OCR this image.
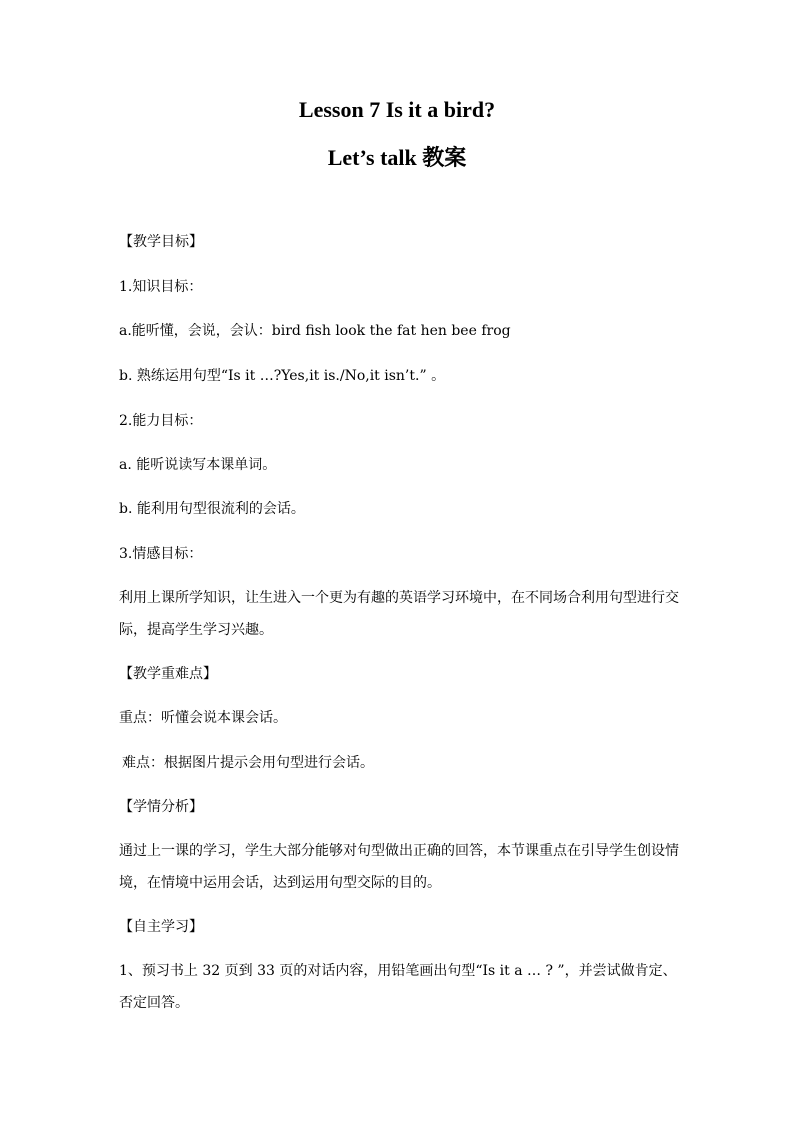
Lesson 7 Is it a bird?
Let’s talk 教案
【教学目标】
1.知识目标：
a.能听懂，会说，会认：bird fish look the fat hen bee frog
b. 熟练运用句型“Is it …?Yes,it is./No,it isn’t.” 。
2.能力目标：
a. 能听说读写本课单词。
b. 能利用句型很流利的会话。
3.情感目标：
利用上课所学知识，让生进入一个更为有趣的英语学习环境中，在不同场合利用句型进行交际，提高学生学习兴趣。
【教学重难点】
重点：听懂会说本课会话。
难点：根据图片提示会用句型进行会话。
【学情分析】
通过上一课的学习，学生大部分能够对句型做出正确的回答，本节课重点在引导学生创设情境，在情境中运用会话，达到运用句型交际的目的。
【自主学习】
1、预习书上 32 页到 33 页的对话内容，用铅笔画出句型“Is it a … ? ”，并尝试做肯定、否定回答。
